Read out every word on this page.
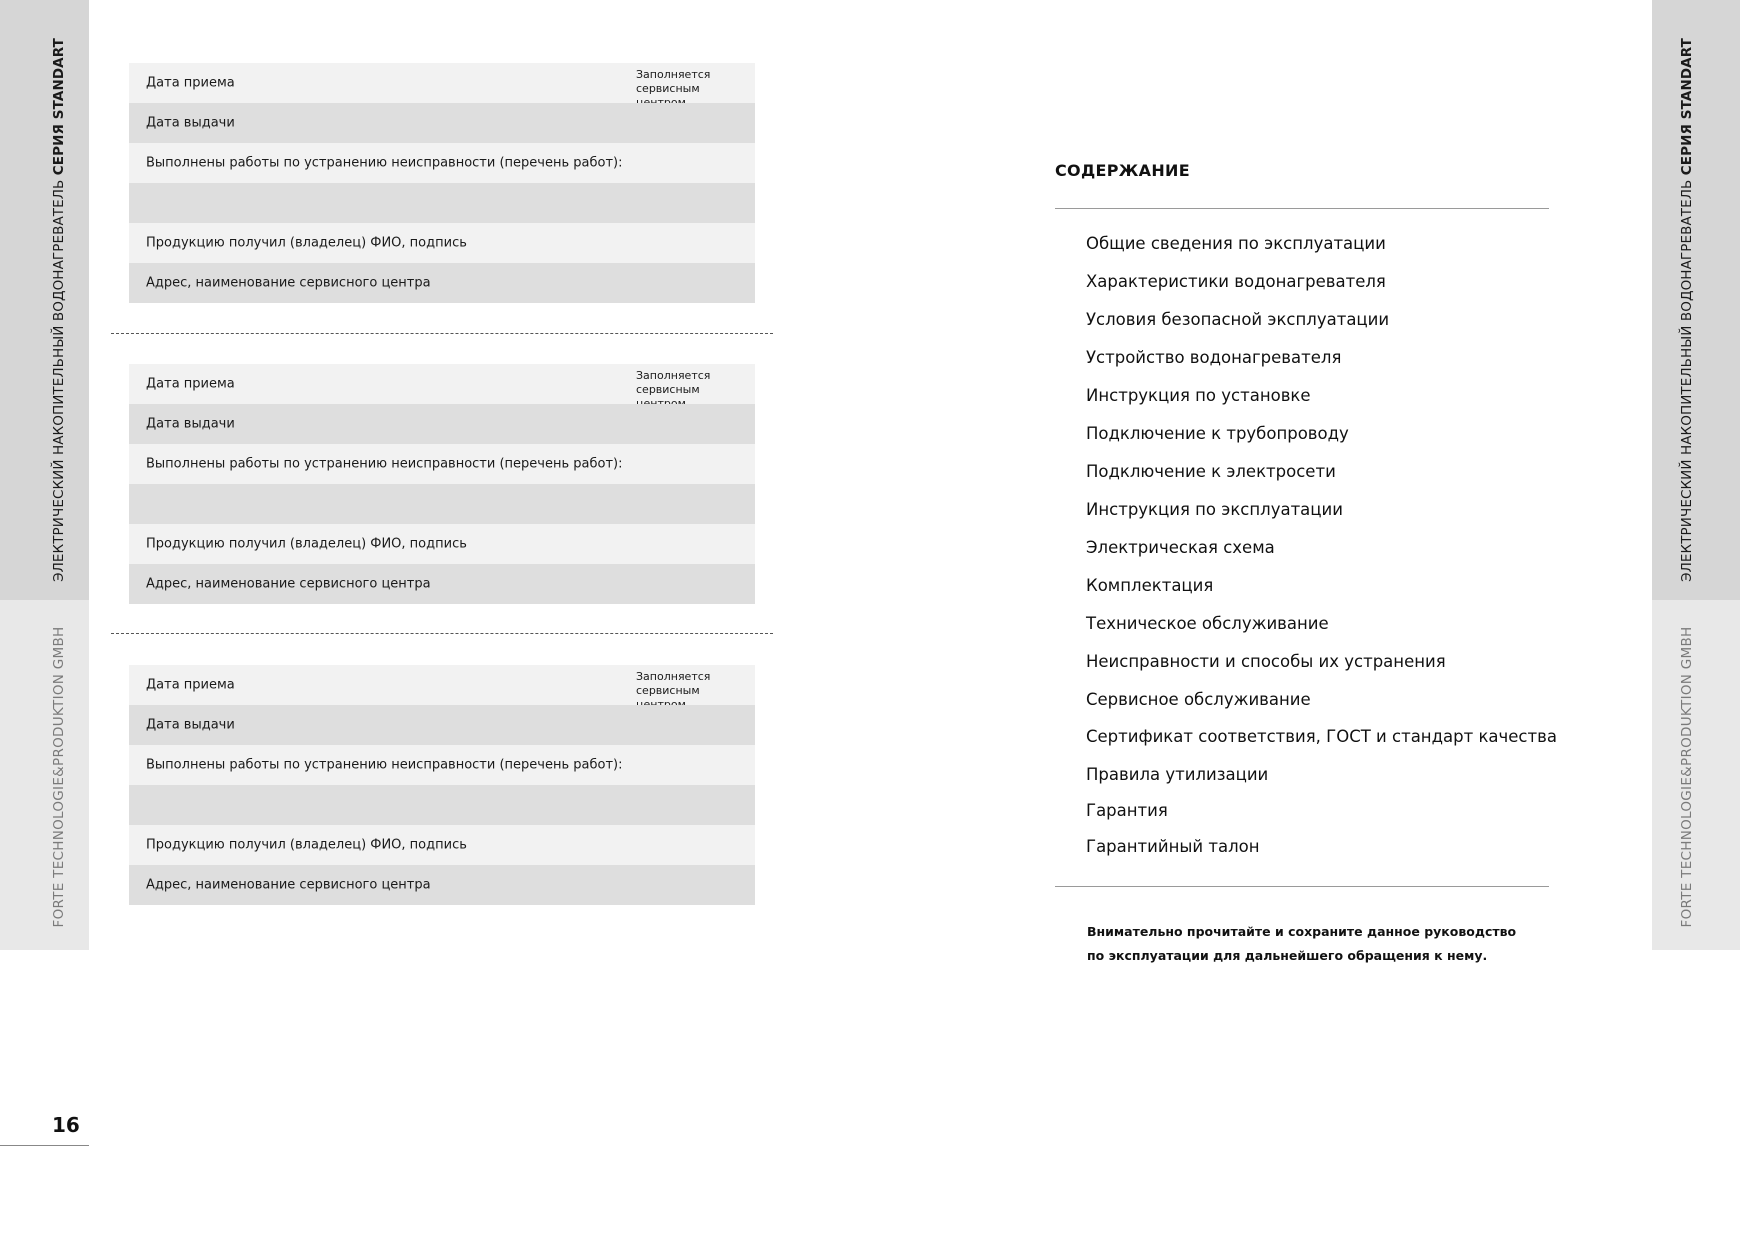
ЭЛЕКТРИЧЕСКИЙ НАКОПИТЕЛЬНЫЙ ВОДОНАГРЕВАТЕЛЬ СЕРИЯ STANDART
FORTE TECHNOLOGIE&PRODUKTION GMBH
16
Дата приема
Заполняется
сервисным
Дата выдачи
Выполнены работы по устранению неисправности (перечень работ):
Продукцию получил (владелец) ФИО, подпись
Адрес, наименование сервисного центра
Дата приема
Заполняется
сервисным
Дата выдачи
Выполнены работы по устранению неисправности (перечень работ):
Продукцию получил (владелец) ФИО, подпись
Адрес, наименование сервисного центра
Дата приема
Заполняется
сервисным
Дата выдачи
Выполнены работы по устранению неисправности (перечень работ):
Продукцию получил (владелец) ФИО, подпись
Адрес, наименование сервисного центра
СОДЕРЖАНИЕ
Общие сведения по эксплуатации
Характеристики водонагревателя
Условия безопасной эксплуатации
Устройство водонагревателя
Инструкция по установке
Подключение к трубопроводу
Подключение к электросети
Инструкция по эксплуатации
Электрическая схема
Комплектация
Техническое обслуживание
Неисправности и способы их устранения
Сервисное обслуживание
Сертификат соответствия, ГОСТ и стандарт качества
Правила утилизации
Гарантия
Гарантийный талон
Внимательно прочитайте и сохраните данное руководство
по эксплуатации для дальнейшего обращения к нему.
ЭЛЕКТРИЧЕСКИЙ НАКОПИТЕЛЬНЫЙ ВОДОНАГРЕВАТЕЛЬ СЕРИЯ STANDART
FORTE TECHNOLOGIE&PRODUKTION GMBH
